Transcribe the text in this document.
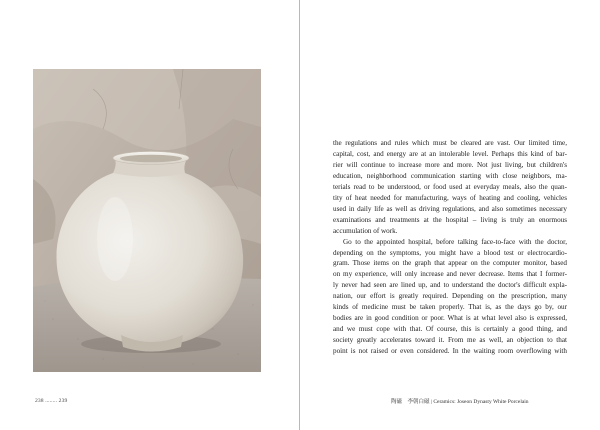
238 ........ 239

the regulations and rules which must be cleared are vast. Our limited time,
capital, cost, and energy are at an intolerable level. Perhaps this kind of bar-
rier will continue to increase more and more. Not just living, but children's
education, neighborhood communication starting with close neighbors, ma-
terials read to be understood, or food used at everyday meals, also the quan-
tity of heat needed for manufacturing, ways of heating and cooling, vehicles
used in daily life as well as driving regulations, and also sometimes necessary
examinations and treatments at the hospital – living is truly an enormous
accumulation of work.

Go to the appointed hospital, before talking face-to-face with the doctor,
depending on the symptoms, you might have a blood test or electrocardio-
gram. Those items on the graph that appear on the computer monitor, based
on my experience, will only increase and never decrease. Items that I former-
ly never had seen are lined up, and to understand the doctor's difficult expla-
nation, our effort is greatly required. Depending on the prescription, many
kinds of medicine must be taken properly. That is, as the days go by, our
bodies are in good condition or poor. What is at what level also is expressed,
and we must cope with that. Of course, this is certainly a good thing, and
society greatly accelerates toward it. From me as well, an objection to that
point is not raised or even considered. In the waiting room overflowing with

陶磁　李朝白磁 | Ceramics: Joseon Dynasty White Porcelain
